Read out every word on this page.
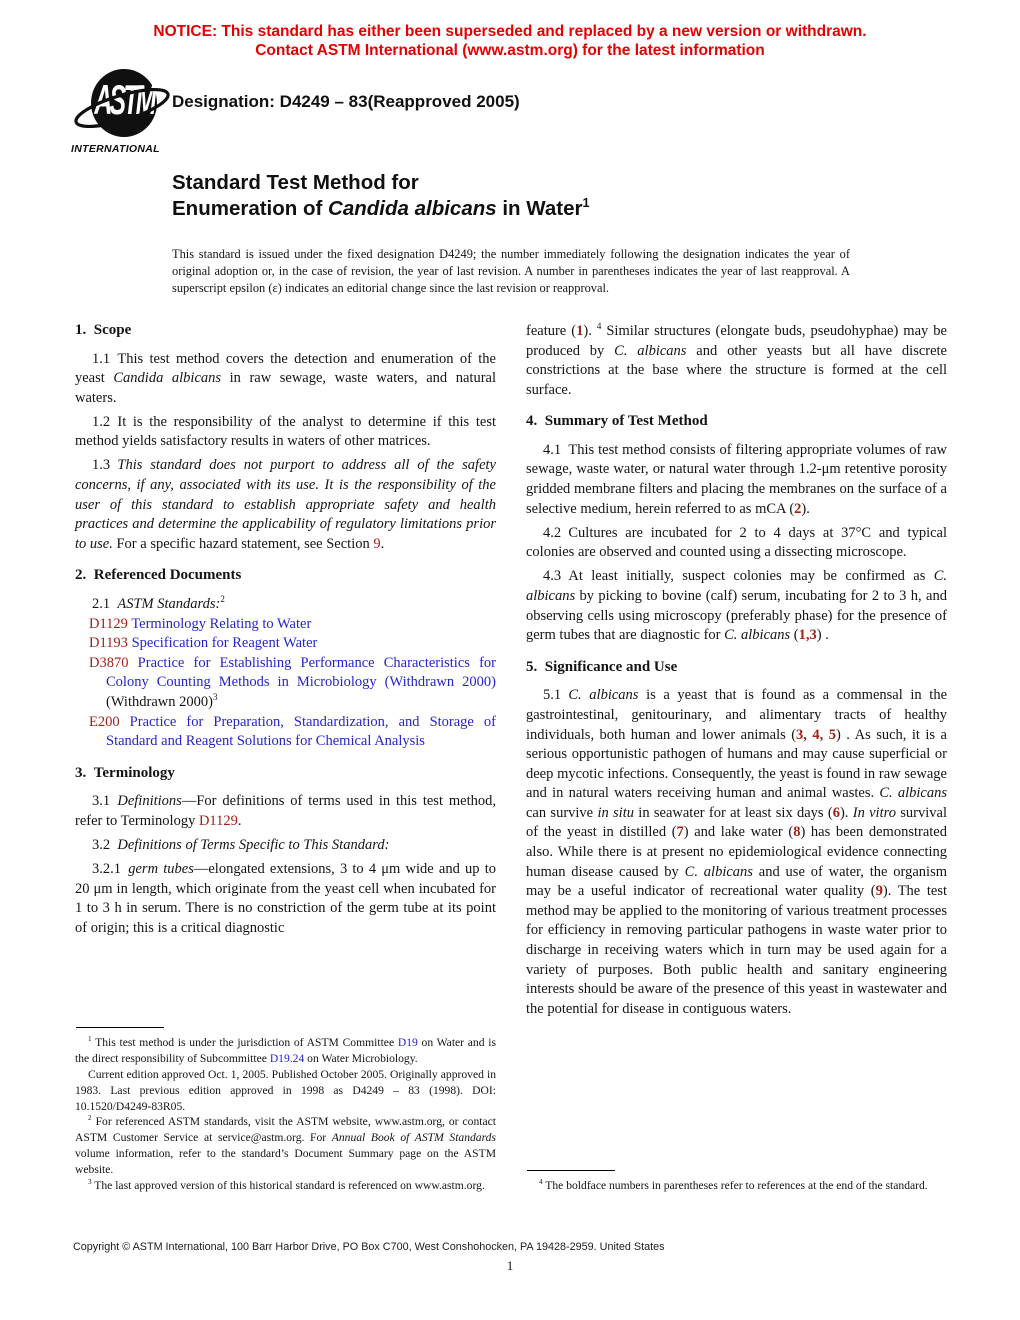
NOTICE: This standard has either been superseded and replaced by a new version or withdrawn.
Contact ASTM International (www.astm.org) for the latest information
ASTM
INTERNATIONAL
Designation: D4249 – 83(Reapproved 2005)
Standard Test Method for
Enumeration of Candida albicans in Water$^1$
This standard is issued under the fixed designation D4249; the number immediately following the designation indicates the year of original adoption or, in the case of revision, the year of last revision. A number in parentheses indicates the year of last reapproval. A superscript epsilon (ε) indicates an editorial change since the last revision or reapproval.
1. Scope

1.1 This test method covers the detection and enumeration of the yeast Candida albicans in raw sewage, waste waters, and natural waters.

1.2 It is the responsibility of the analyst to determine if this test method yields satisfactory results in waters of other matrices.

1.3 This standard does not purport to address all of the safety concerns, if any, associated with its use. It is the responsibility of the user of this standard to establish appropriate safety and health practices and determine the applicability of regulatory limitations prior to use. For a specific hazard statement, see Section 9.

2. Referenced Documents

2.1 ASTM Standards:$^2$

D1129 Terminology Relating to Water

D1193 Specification for Reagent Water

D3870 Practice for Establishing Performance Characteristics for Colony Counting Methods in Microbiology (Withdrawn 2000) (Withdrawn 2000)$^3$

E200 Practice for Preparation, Standardization, and Storage of Standard and Reagent Solutions for Chemical Analysis

3. Terminology

3.1 Definitions—For definitions of terms used in this test method, refer to Terminology D1129.

3.2 Definitions of Terms Specific to This Standard:

3.2.1 germ tubes—elongated extensions, 3 to 4 μm wide and up to 20 μm in length, which originate from the yeast cell when incubated for 1 to 3 h in serum. There is no constriction of the germ tube at its point of origin; this is a critical diagnostic

$^1$ This test method is under the jurisdiction of ASTM Committee D19 on Water and is the direct responsibility of Subcommittee D19.24 on Water Microbiology.

Current edition approved Oct. 1, 2005. Published October 2005. Originally approved in 1983. Last previous edition approved in 1998 as D4249 – 83 (1998). DOI: 10.1520/D4249-83R05.

$^2$ For referenced ASTM standards, visit the ASTM website, www.astm.org, or contact ASTM Customer Service at service@astm.org. For Annual Book of ASTM Standards volume information, refer to the standard’s Document Summary page on the ASTM website.

$^3$ The last approved version of this historical standard is referenced on www.astm.org.

feature (1). $^4$ Similar structures (elongate buds, pseudohyphae) may be produced by C. albicans and other yeasts but all have discrete constrictions at the base where the structure is formed at the cell surface.

4. Summary of Test Method

4.1 This test method consists of filtering appropriate volumes of raw sewage, waste water, or natural water through 1.2-μm retentive porosity gridded membrane filters and placing the membranes on the surface of a selective medium, herein referred to as mCA (2).

4.2 Cultures are incubated for 2 to 4 days at 37°C and typical colonies are observed and counted using a dissecting microscope.

4.3 At least initially, suspect colonies may be confirmed as C. albicans by picking to bovine (calf) serum, incubating for 2 to 3 h, and observing cells using microscopy (preferably phase) for the presence of germ tubes that are diagnostic for C. albicans (1,3) .

5. Significance and Use

5.1 C. albicans is a yeast that is found as a commensal in the gastrointestinal, genitourinary, and alimentary tracts of healthy individuals, both human and lower animals (3, 4, 5) . As such, it is a serious opportunistic pathogen of humans and may cause superficial or deep mycotic infections. Consequently, the yeast is found in raw sewage and in natural waters receiving human and animal wastes. C. albicans can survive in situ in seawater for at least six days (6). In vitro survival of the yeast in distilled (7) and lake water (8) has been demonstrated also. While there is at present no epidemiological evidence connecting human disease caused by C. albicans and use of water, the organism may be a useful indicator of recreational water quality (9). The test method may be applied to the monitoring of various treatment processes for efficiency in removing particular pathogens in waste water prior to discharge in receiving waters which in turn may be used again for a variety of purposes. Both public health and sanitary engineering interests should be aware of the presence of this yeast in wastewater and the potential for disease in contiguous waters.

$^4$ The boldface numbers in parentheses refer to references at the end of the standard.

Copyright © ASTM International, 100 Barr Harbor Drive, PO Box C700, West Conshohocken, PA 19428-2959. United States
1
